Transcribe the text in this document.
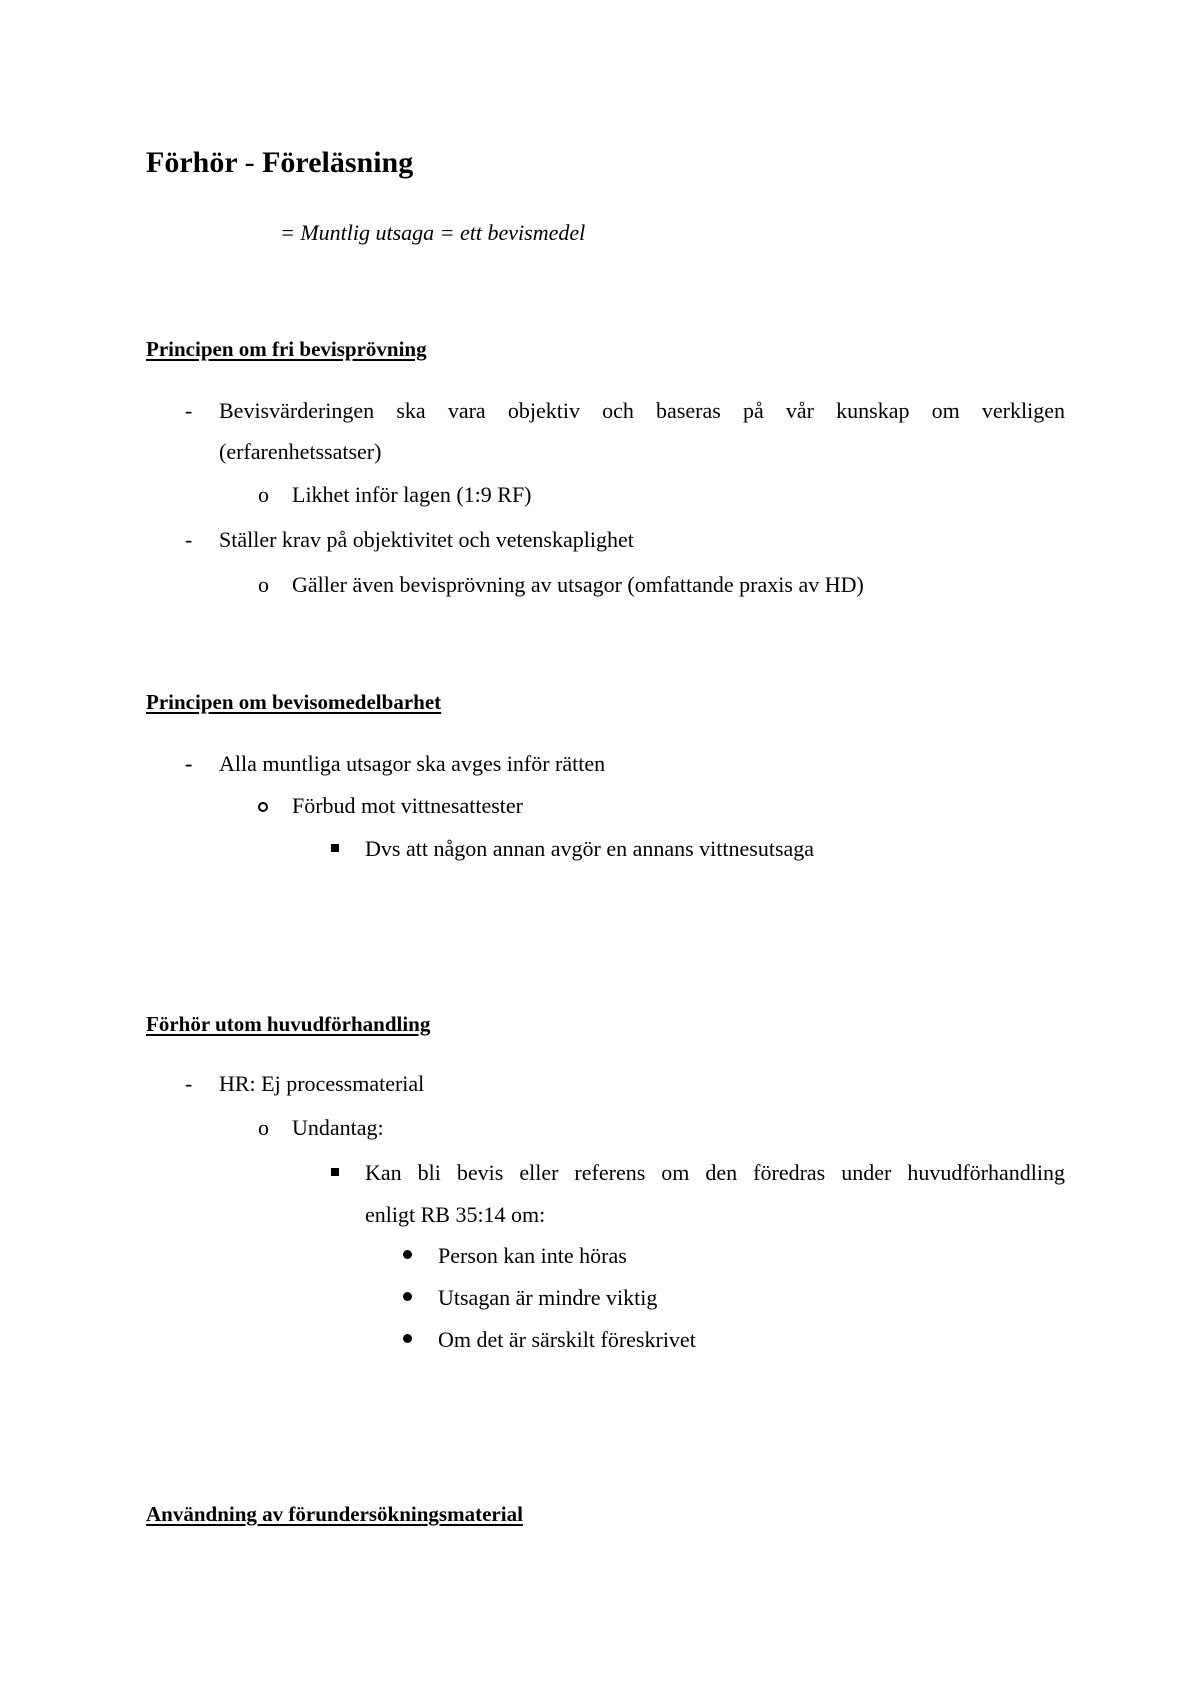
Förhör - Föreläsning
= Muntlig utsaga = ett bevismedel
Principen om fri bevisprövning
- Bevisvärderingen ska vara objektiv och baseras på vår kunskap om verkligen
(erfarenhetssatser)
o Likhet inför lagen (1:9 RF)
- Ställer krav på objektivitet och vetenskaplighet
o Gäller även bevisprövning av utsagor (omfattande praxis av HD)
Principen om bevisomedelbarhet
- Alla muntliga utsagor ska avges inför rätten
Förbud mot vittnesattester
Dvs att någon annan avgör en annans vittnesutsaga
Förhör utom huvudförhandling
- HR: Ej processmaterial
o Undantag:
Kan bli bevis eller referens om den föredras under huvudförhandling
enligt RB 35:14 om:
Person kan inte höras
Utsagan är mindre viktig
Om det är särskilt föreskrivet
Användning av förundersökningsmaterial
